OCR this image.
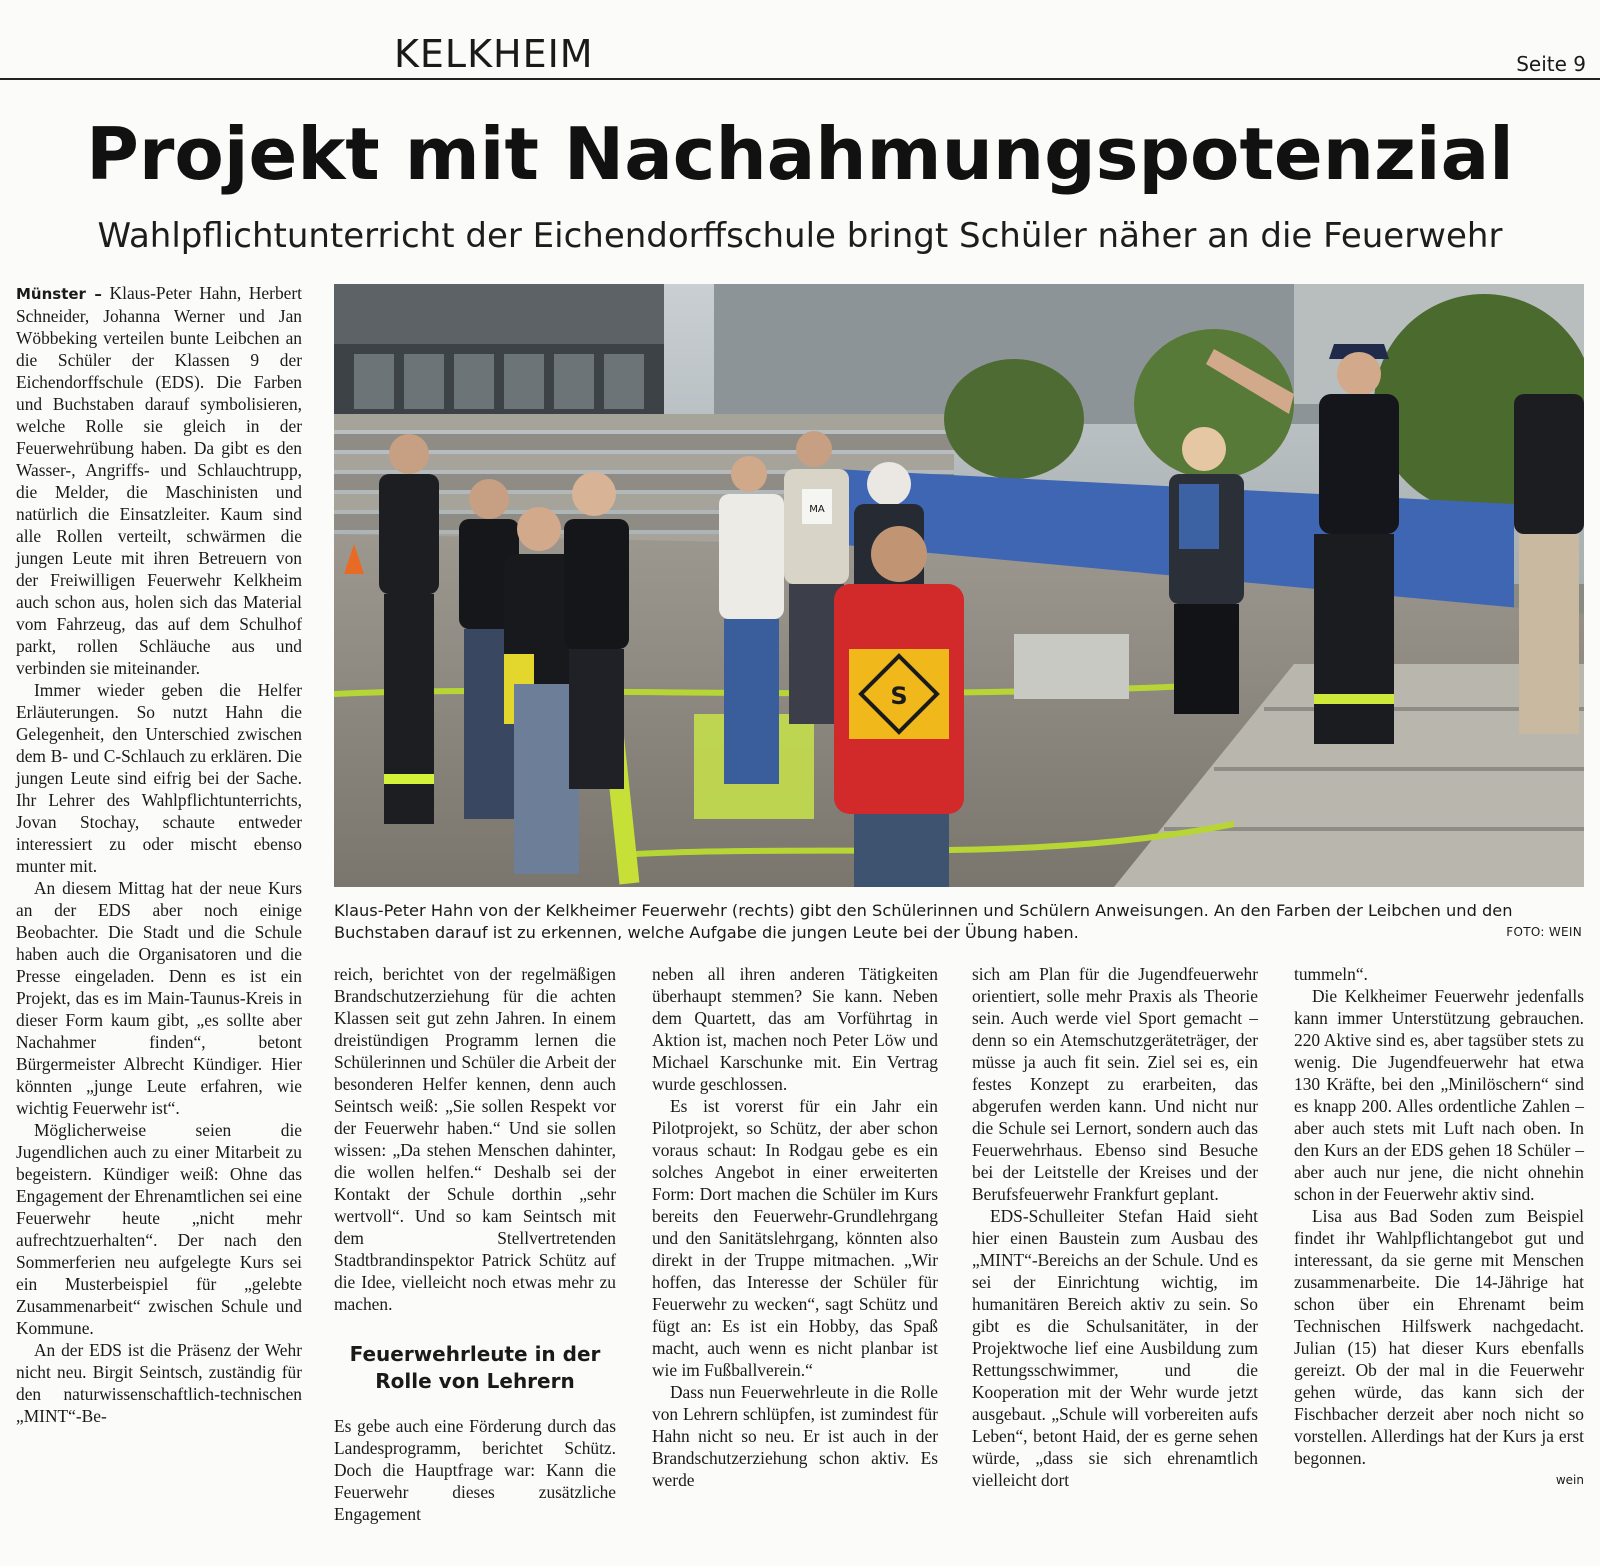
KELKHEIM	Seite 9

Projekt mit Nachahmungspotenzial
Wahlpflichtunterricht der Eichendorffschule bringt Schüler näher an die Feuerwehr

Münster – Klaus-Peter Hahn, Herbert Schneider, Johanna Werner und Jan Wöbbeking verteilen bunte Leibchen an die Schüler der Klassen 9 der Eichendorffschule (EDS). Die Farben und Buchstaben darauf symbolisieren, welche Rolle sie gleich in der Feuerwehrübung haben. Da gibt es den Wasser-, Angriffs- und Schlauchtrupp, die Melder, die Maschinisten und natürlich die Einsatzleiter. Kaum sind alle Rollen verteilt, schwärmen die jungen Leute mit ihren Betreuern von der Freiwilligen Feuerwehr Kelkheim auch schon aus, holen sich das Material vom Fahrzeug, das auf dem Schulhof parkt, rollen Schläuche aus und verbinden sie miteinander.

Immer wieder geben die Helfer Erläuterungen. So nutzt Hahn die Gelegenheit, den Unterschied zwischen dem B- und C-Schlauch zu erklären. Die jungen Leute sind eifrig bei der Sache. Ihr Lehrer des Wahlpflichtunterrichts, Jovan Stochay, schaute entweder interessiert zu oder mischt ebenso munter mit.

An diesem Mittag hat der neue Kurs an der EDS aber noch einige Beobachter. Die Stadt und die Schule haben auch die Organisatoren und die Presse eingeladen. Denn es ist ein Projekt, das es im Main-Taunus-Kreis in dieser Form kaum gibt, „es sollte aber Nachahmer finden“, betont Bürgermeister Albrecht Kündiger. Hier könnten „junge Leute erfahren, wie wichtig Feuerwehr ist“.

Möglicherweise seien die Jugendlichen auch zu einer Mitarbeit zu begeistern. Kündiger weiß: Ohne das Engagement der Ehrenamtlichen sei eine Feuerwehr heute „nicht mehr aufrechtzuerhalten“. Der nach den Sommerferien neu aufgelegte Kurs sei ein Musterbeispiel für „gelebte Zusammenarbeit“ zwischen Schule und Kommune.

An der EDS ist die Präsenz der Wehr nicht neu. Birgit Seintsch, zuständig für den naturwissenschaftlich-technischen „MINT“-Be-

MA
S

Klaus-Peter Hahn von der Kelkheimer Feuerwehr (rechts) gibt den Schülerinnen und Schülern Anweisungen. An den Farben der Leibchen und den Buchstaben darauf ist zu erkennen, welche Aufgabe die jungen Leute bei der Übung haben.	FOTO: WEIN

reich, berichtet von der regelmäßigen Brandschutzerziehung für die achten Klassen seit gut zehn Jahren. In einem dreistündigen Programm lernen die Schülerinnen und Schüler die Arbeit der besonderen Helfer kennen, denn auch Seintsch weiß: „Sie sollen Respekt vor der Feuerwehr haben.“ Und sie sollen wissen: „Da stehen Menschen dahinter, die wollen helfen.“ Deshalb sei der Kontakt der Schule dorthin „sehr wertvoll“. Und so kam Seintsch mit dem Stellvertretenden Stadtbrandinspektor Patrick Schütz auf die Idee, vielleicht noch etwas mehr zu machen.

Feuerwehrleute in der Rolle von Lehrern

Es gebe auch eine Förderung durch das Landesprogramm, berichtet Schütz. Doch die Hauptfrage war: Kann die Feuerwehr dieses zusätzliche Engagement

neben all ihren anderen Tätigkeiten überhaupt stemmen? Sie kann. Neben dem Quartett, das am Vorführtag in Aktion ist, machen noch Peter Löw und Michael Karschunke mit. Ein Vertrag wurde geschlossen.

Es ist vorerst für ein Jahr ein Pilotprojekt, so Schütz, der aber schon voraus schaut: In Rodgau gebe es ein solches Angebot in einer erweiterten Form: Dort machen die Schüler im Kurs bereits den Feuerwehr-Grundlehrgang und den Sanitätslehrgang, könnten also direkt in der Truppe mitmachen. „Wir hoffen, das Interesse der Schüler für Feuerwehr zu wecken“, sagt Schütz und fügt an: Es ist ein Hobby, das Spaß macht, auch wenn es nicht planbar ist wie im Fußballverein.“

Dass nun Feuerwehrleute in die Rolle von Lehrern schlüpfen, ist zumindest für Hahn nicht so neu. Er ist auch in der Brandschutzerziehung schon aktiv. Es werde

sich am Plan für die Jugendfeuerwehr orientiert, solle mehr Praxis als Theorie sein. Auch werde viel Sport gemacht – denn so ein Atemschutzgeräteträger, der müsse ja auch fit sein. Ziel sei es, ein festes Konzept zu erarbeiten, das abgerufen werden kann. Und nicht nur die Schule sei Lernort, sondern auch das Feuerwehrhaus. Ebenso sind Besuche bei der Leitstelle der Kreises und der Berufsfeuerwehr Frankfurt geplant.

EDS-Schulleiter Stefan Haid sieht hier einen Baustein zum Ausbau des „MINT“-Bereichs an der Schule. Und es sei der Einrichtung wichtig, im humanitären Bereich aktiv zu sein. So gibt es die Schulsanitäter, in der Projektwoche lief eine Ausbildung zum Rettungsschwimmer, und die Kooperation mit der Wehr wurde jetzt ausgebaut. „Schule will vorbereiten aufs Leben“, betont Haid, der es gerne sehen würde, „dass sie sich ehrenamtlich vielleicht dort

tummeln“.

Die Kelkheimer Feuerwehr jedenfalls kann immer Unterstützung gebrauchen. 220 Aktive sind es, aber tagsüber stets zu wenig. Die Jugendfeuerwehr hat etwa 130 Kräfte, bei den „Minilöschern“ sind es knapp 200. Alles ordentliche Zahlen – aber auch stets mit Luft nach oben. In den Kurs an der EDS gehen 18 Schüler – aber auch nur jene, die nicht ohnehin schon in der Feuerwehr aktiv sind.

Lisa aus Bad Soden zum Beispiel findet ihr Wahlpflichtangebot gut und interessant, da sie gerne mit Menschen zusammenarbeite. Die 14-Jährige hat schon über ein Ehrenamt beim Technischen Hilfswerk nachgedacht. Julian (15) hat dieser Kurs ebenfalls gereizt. Ob der mal in die Feuerwehr gehen würde, das kann sich der Fischbacher derzeit aber noch nicht so vorstellen. Allerdings hat der Kurs ja erst begonnen.

wein
